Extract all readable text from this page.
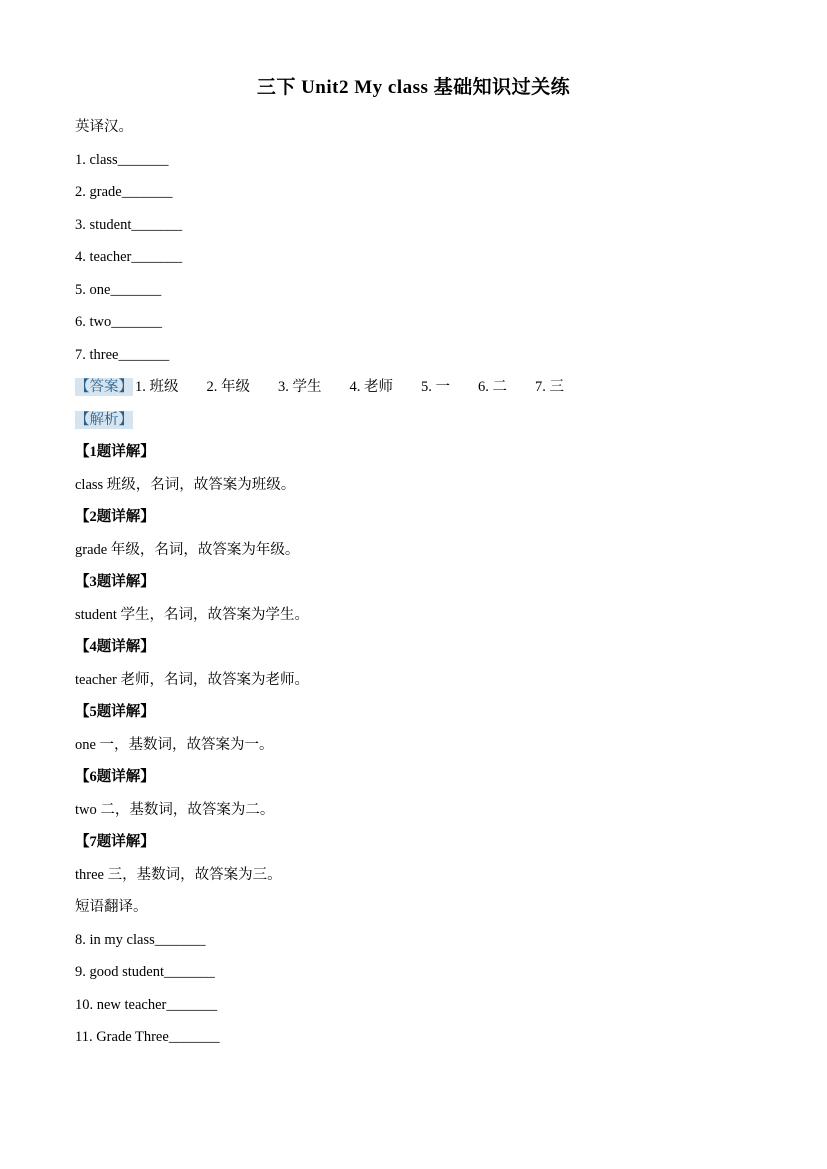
三下 Unit2 My class 基础知识过关练

英译汉。

1. class_______

2. grade_______

3. student_______

4. teacher_______

5. one_______

6. two_______

7. three_______

【答案】 1. 班级 2. 年级 3. 学生 4. 老师 5. 一 6. 二 7. 三

【解析】

【1题详解】

class 班级，名词，故答案为班级。

【2题详解】

grade 年级，名词，故答案为年级。

【3题详解】

student 学生，名词，故答案为学生。

【4题详解】

teacher 老师，名词，故答案为老师。

【5题详解】

one 一，基数词，故答案为一。

【6题详解】

two 二，基数词，故答案为二。

【7题详解】

three 三，基数词，故答案为三。

短语翻译。

8. in my class_______

9. good student_______

10. new teacher_______

11. Grade Three_______
